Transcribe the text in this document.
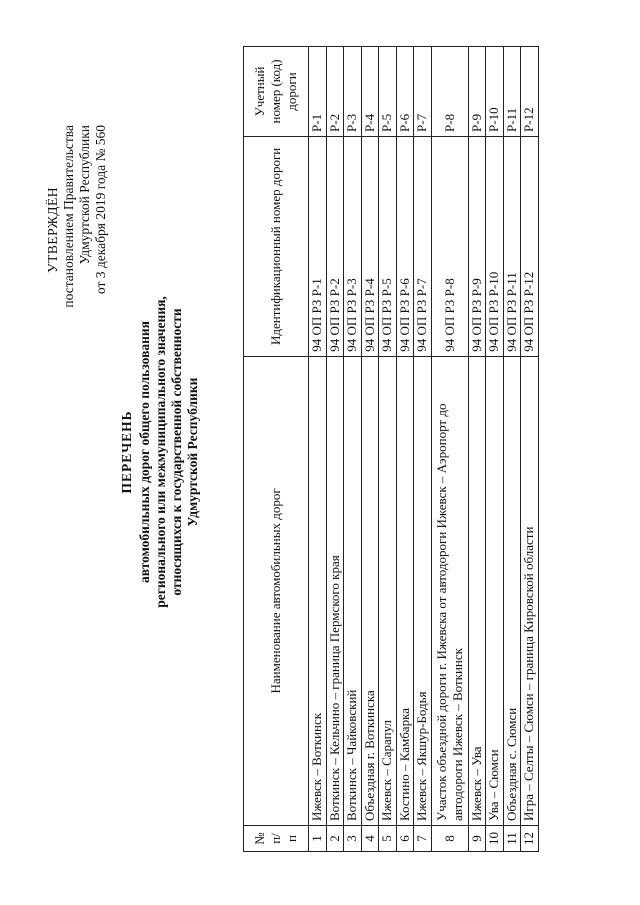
УТВЕРЖДЁН постановлением Правительства Удмуртской Республики от 3 декабря 2019 года № 560
ПЕРЕЧЕНЬ автомобильных дорог общего пользования регионального или межмуниципального значения, относящихся к государственной собственности Удмуртской Республики
№ п/п	Наименование автомобильных дорог	Идентификационный номер дороги	Учетный номер (код) дороги
1	Ижевск – Воткинск	94 ОП РЗ Р-1	Р-1
2	Воткинск – Кельчино – граница Пермского края	94 ОП РЗ Р-2	Р-2
3	Воткинск – Чайковский	94 ОП РЗ Р-3	Р-3
4	Объездная г. Воткинска	94 ОП РЗ Р-4	Р-4
5	Ижевск – Сарапул	94 ОП РЗ Р-5	Р-5
6	Костино – Камбарка	94 ОП РЗ Р-6	Р-6
7	Ижевск – Якшур-Бодья	94 ОП РЗ Р-7	Р-7
8	Участок объездной дороги г. Ижевска от автодороги Ижевск – Аэропорт до автодороги Ижевск – Воткинск	94 ОП РЗ Р-8	Р-8
9	Ижевск – Ува	94 ОП РЗ Р-9	Р-9
10	Ува – Сюмси	94 ОП РЗ Р-10	Р-10
11	Объездная с. Сюмси	94 ОП РЗ Р-11	Р-11
12	Игра – Селты – Сюмси – граница Кировской области	94 ОП РЗ Р-12	Р-12
